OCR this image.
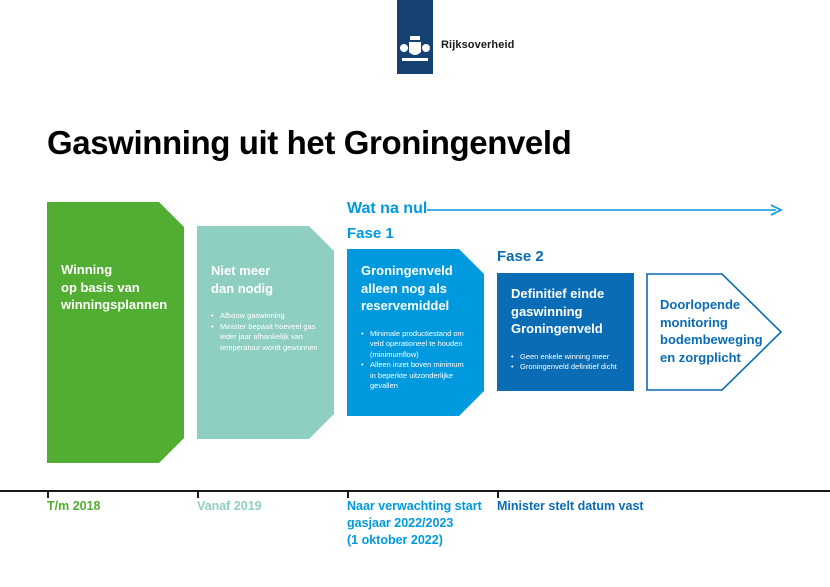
Rijksoverheid
Gaswinning uit het Groningenveld
Wat na nul
Fase 1
Fase 2
Winning
op basis van
winningsplannen
Niet meer
dan nodig
• Afbouw gaswinning
• Minister bepaalt hoeveel gas ieder jaar afhankelijk van temperatuur wordt gewonnen
Groningenveld
alleen nog als
reservemiddel
• Minimale productiestand om veld operationeel te houden (minimumflow)
• Alleen inzet boven minimum in beperkte uitzonderlijke gevallen
Definitief einde
gaswinning
Groningenveld
• Geen enkele winning meer
• Groningenveld definitief dicht
Doorlopende
monitoring
bodembeweging
en zorgplicht
T/m 2018	Vanaf 2019	Naar verwachting start
gasjaar 2022/2023
(1 oktober 2022)
Minister stelt datum vast
